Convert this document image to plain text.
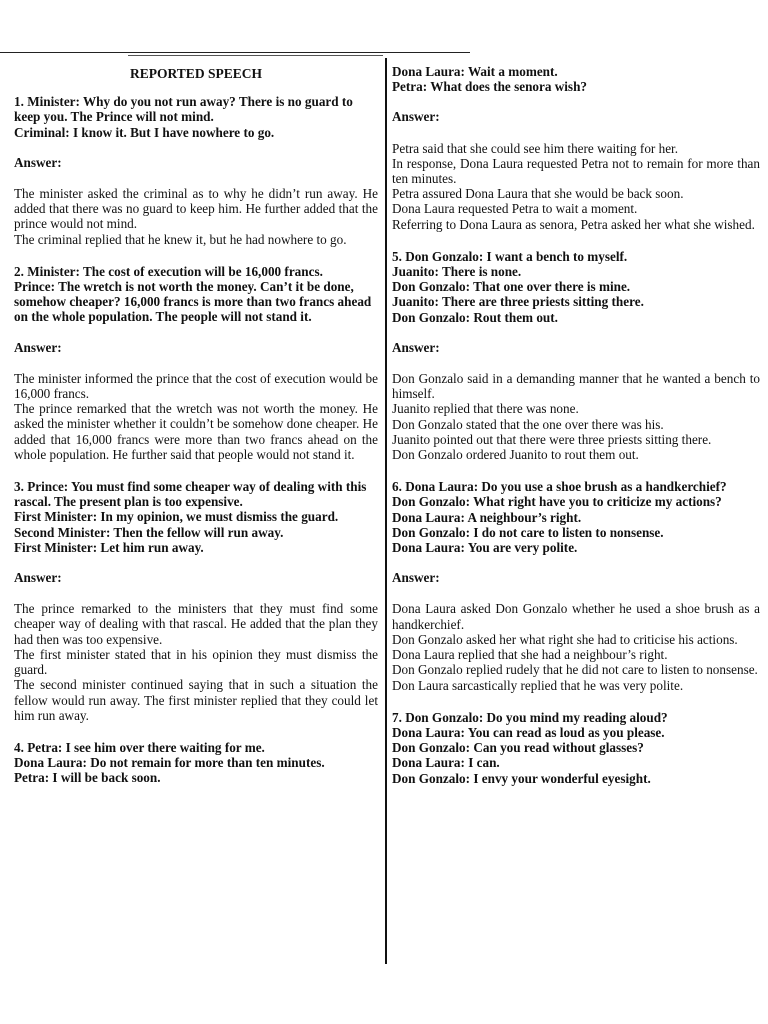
REPORTED SPEECH
1. Minister: Why do you not run away? There is no guard to keep you. The Prince will not mind.
Criminal: I know it. But I have nowhere to go.
Answer:
The minister asked the criminal as to why he didn’t run away. He added that there was no guard to keep him. He further added that the prince would not mind.
The criminal replied that he knew it, but he had nowhere to go.
2. Minister: The cost of execution will be 16,000 francs.
Prince: The wretch is not worth the money. Can’t it be done, somehow cheaper? 16,000 francs is more than two francs ahead on the whole population. The people will not stand it.
Answer:
The minister informed the prince that the cost of execution would be 16,000 francs.
The prince remarked that the wretch was not worth the money. He asked the minister whether it couldn’t be somehow done cheaper. He added that 16,000 francs were more than two francs ahead on the whole population. He further said that people would not stand it.
3. Prince: You must find some cheaper way of dealing with this rascal. The present plan is too expensive.
First Minister: In my opinion, we must dismiss the guard.
Second Minister: Then the fellow will run away.
First Minister: Let him run away.
Answer:
The prince remarked to the ministers that they must find some cheaper way of dealing with that rascal. He added that the plan they had then was too expensive.
The first minister stated that in his opinion they must dismiss the guard.
The second minister continued saying that in such a situation the fellow would run away. The first minister replied that they could let him run away.
4. Petra: I see him over there waiting for me.
Dona Laura: Do not remain for more than ten minutes.
Petra: I will be back soon.
Dona Laura: Wait a moment.
Petra: What does the senora wish?
Answer:
Petra said that she could see him there waiting for her.
In response, Dona Laura requested Petra not to remain for more than ten minutes.
Petra assured Dona Laura that she would be back soon.
Dona Laura requested Petra to wait a moment.
Referring to Dona Laura as senora, Petra asked her what she wished.
5. Don Gonzalo: I want a bench to myself.
Juanito: There is none.
Don Gonzalo: That one over there is mine.
Juanito: There are three priests sitting there.
Don Gonzalo: Rout them out.
Answer:
Don Gonzalo said in a demanding manner that he wanted a bench to himself.
Juanito replied that there was none.
Don Gonzalo stated that the one over there was his.
Juanito pointed out that there were three priests sitting there.
Don Gonzalo ordered Juanito to rout them out.
6. Dona Laura: Do you use a shoe brush as a handkerchief?
Don Gonzalo: What right have you to criticize my actions?
Dona Laura: A neighbour’s right.
Don Gonzalo: I do not care to listen to nonsense.
Dona Laura: You are very polite.
Answer:
Dona Laura asked Don Gonzalo whether he used a shoe brush as a handkerchief.
Don Gonzalo asked her what right she had to criticise his actions.
Dona Laura replied that she had a neighbour’s right.
Don Gonzalo replied rudely that he did not care to listen to nonsense.
Don Laura sarcastically replied that he was very polite.
7. Don Gonzalo: Do you mind my reading aloud?
Dona Laura: You can read as loud as you please.
Don Gonzalo: Can you read without glasses?
Dona Laura: I can.
Don Gonzalo: I envy your wonderful eyesight.
